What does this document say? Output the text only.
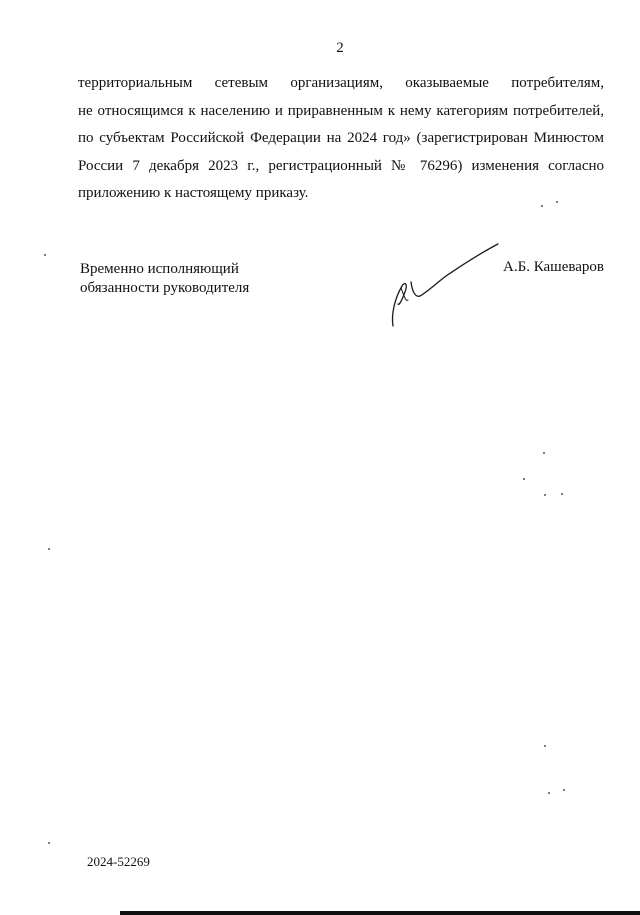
2
территориальным сетевым организациям, оказываемые потребителям,
не относящимся к населению и приравненным к нему категориям потребителей,
по субъектам Российской Федерации на 2024 год» (зарегистрирован Минюстом
России 7 декабря 2023 г., регистрационный № 76296) изменения согласно
приложению к настоящему приказу.
Временно исполняющий
обязанности руководителя
А.Б. Кашеваров
2024-52269
